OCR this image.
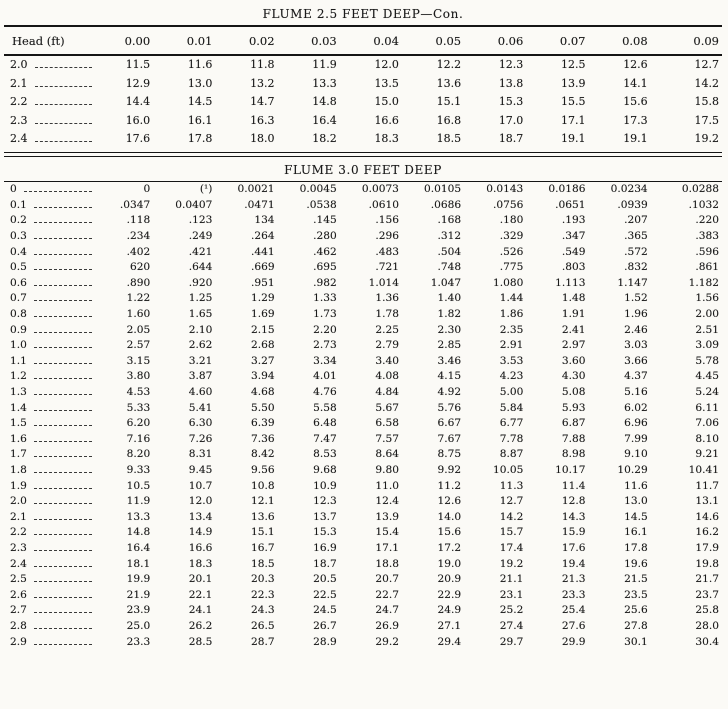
FLUME 2.5 FEET DEEP—Con.
Head (ft)	0.00	0.01	0.02	0.03	0.04	0.05	0.06	0.07	0.08	0.09

2.0	11.5	11.6	11.8	11.9	12.0	12.2	12.3	12.5	12.6	12.7

2.1	12.9	13.0	13.2	13.3	13.5	13.6	13.8	13.9	14.1	14.2

2.2	14.4	14.5	14.7	14.8	15.0	15.1	15.3	15.5	15.6	15.8

2.3	16.0	16.1	16.3	16.4	16.6	16.8	17.0	17.1	17.3	17.5

2.4	17.6	17.8	18.0	18.2	18.3	18.5	18.7	19.1	19.1	19.2
FLUME 3.0 FEET DEEP
0	0	(¹)	0.0021	0.0045	0.0073	0.0105	0.0143	0.0186	0.0234	0.0288

0.1	.0347	0.0407	.0471	.0538	.0610	.0686	.0756	.0651	.0939	.1032

0.2	.118	.123	134	.145	.156	.168	.180	.193	.207	.220

0.3	.234	.249	.264	.280	.296	.312	.329	.347	.365	.383

0.4	.402	.421	.441	.462	.483	.504	.526	.549	.572	.596

0.5	620	.644	.669	.695	.721	.748	.775	.803	.832	.861

0.6	.890	.920	.951	.982	1.014	1.047	1.080	1.113	1.147	1.182

0.7	1.22	1.25	1.29	1.33	1.36	1.40	1.44	1.48	1.52	1.56

0.8	1.60	1.65	1.69	1.73	1.78	1.82	1.86	1.91	1.96	2.00

0.9	2.05	2.10	2.15	2.20	2.25	2.30	2.35	2.41	2.46	2.51

1.0	2.57	2.62	2.68	2.73	2.79	2.85	2.91	2.97	3.03	3.09

1.1	3.15	3.21	3.27	3.34	3.40	3.46	3.53	3.60	3.66	5.78

1.2	3.80	3.87	3.94	4.01	4.08	4.15	4.23	4.30	4.37	4.45

1.3	4.53	4.60	4.68	4.76	4.84	4.92	5.00	5.08	5.16	5.24

1.4	5.33	5.41	5.50	5.58	5.67	5.76	5.84	5.93	6.02	6.11

1.5	6.20	6.30	6.39	6.48	6.58	6.67	6.77	6.87	6.96	7.06

1.6	7.16	7.26	7.36	7.47	7.57	7.67	7.78	7.88	7.99	8.10

1.7	8.20	8.31	8.42	8.53	8.64	8.75	8.87	8.98	9.10	9.21

1.8	9.33	9.45	9.56	9.68	9.80	9.92	10.05	10.17	10.29	10.41

1.9	10.5	10.7	10.8	10.9	11.0	11.2	11.3	11.4	11.6	11.7

2.0	11.9	12.0	12.1	12.3	12.4	12.6	12.7	12.8	13.0	13.1

2.1	13.3	13.4	13.6	13.7	13.9	14.0	14.2	14.3	14.5	14.6

2.2	14.8	14.9	15.1	15.3	15.4	15.6	15.7	15.9	16.1	16.2

2.3	16.4	16.6	16.7	16.9	17.1	17.2	17.4	17.6	17.8	17.9

2.4	18.1	18.3	18.5	18.7	18.8	19.0	19.2	19.4	19.6	19.8

2.5	19.9	20.1	20.3	20.5	20.7	20.9	21.1	21.3	21.5	21.7

2.6	21.9	22.1	22.3	22.5	22.7	22.9	23.1	23.3	23.5	23.7

2.7	23.9	24.1	24.3	24.5	24.7	24.9	25.2	25.4	25.6	25.8

2.8	25.0	26.2	26.5	26.7	26.9	27.1	27.4	27.6	27.8	28.0

2.9	23.3	28.5	28.7	28.9	29.2	29.4	29.7	29.9	30.1	30.4
